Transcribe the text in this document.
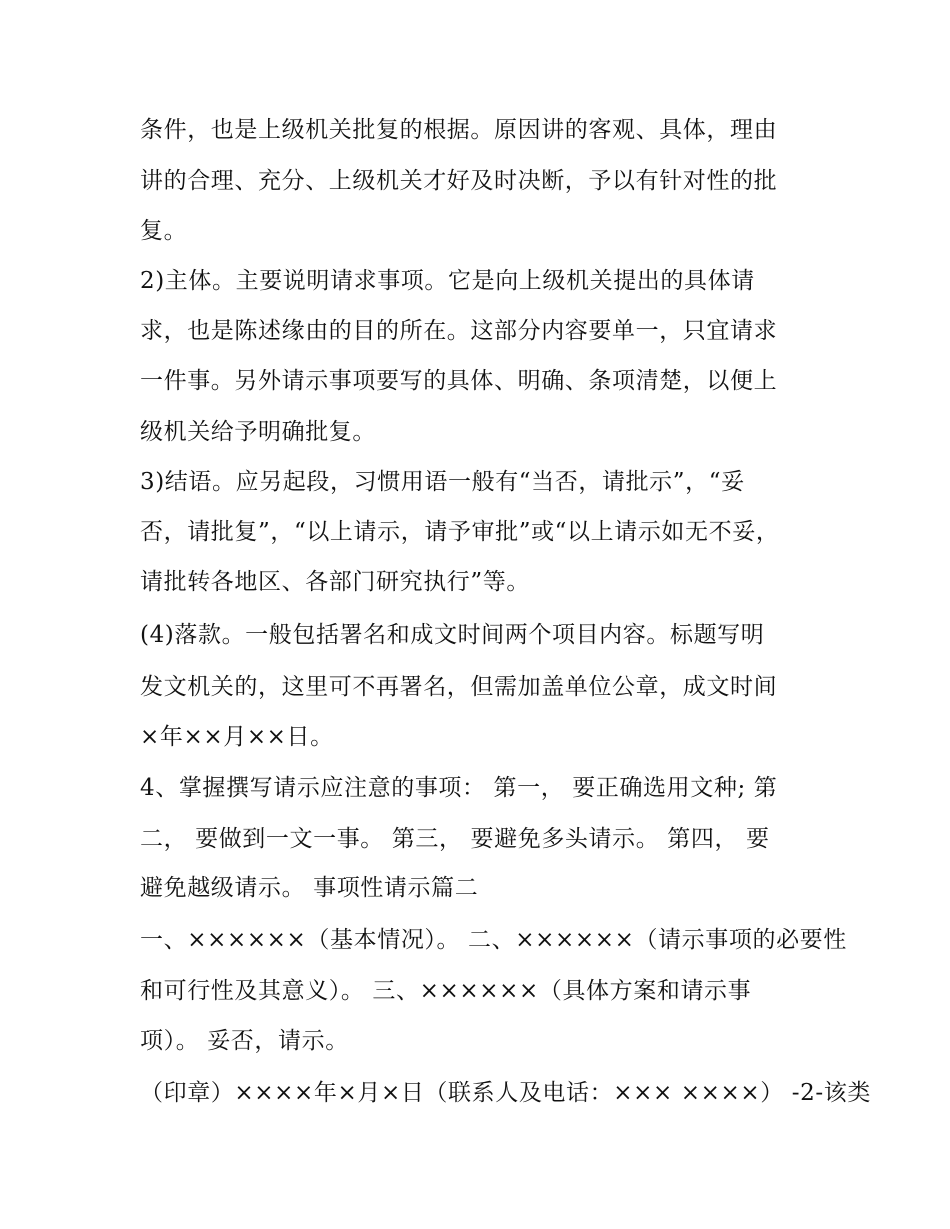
条件，也是上级机关批复的根据。原因讲的客观、具体，理由
讲的合理、充分、上级机关才好及时决断，予以有针对性的批
复。
2)主体。主要说明请求事项。它是向上级机关提出的具体请
求，也是陈述缘由的目的所在。这部分内容要单一，只宜请求
一件事。另外请示事项要写的具体、明确、条项清楚，以便上
级机关给予明确批复。
3)结语。应另起段，习惯用语一般有“当否，请批示”，“妥
否，请批复”，“以上请示，请予审批”或“以上请示如无不妥，
请批转各地区、各部门研究执行”等。
(4)落款。一般包括署名和成文时间两个项目内容。标题写明
发文机关的，这里可不再署名，但需加盖单位公章，成文时间
×年××月××日。
4、掌握撰写请示应注意的事项： 第一， 要正确选用文种; 第
二， 要做到一文一事。 第三， 要避免多头请示。 第四， 要
避免越级请示。 事项性请示篇二
一、××××××（基本情况）。 二、××××××（请示事项的必要性
和可行性及其意义）。 三、××××××（具体方案和请示事
项）。 妥否，请示。
（印章）××××年×月×日（联系人及电话：××× ××××） -2-该类
